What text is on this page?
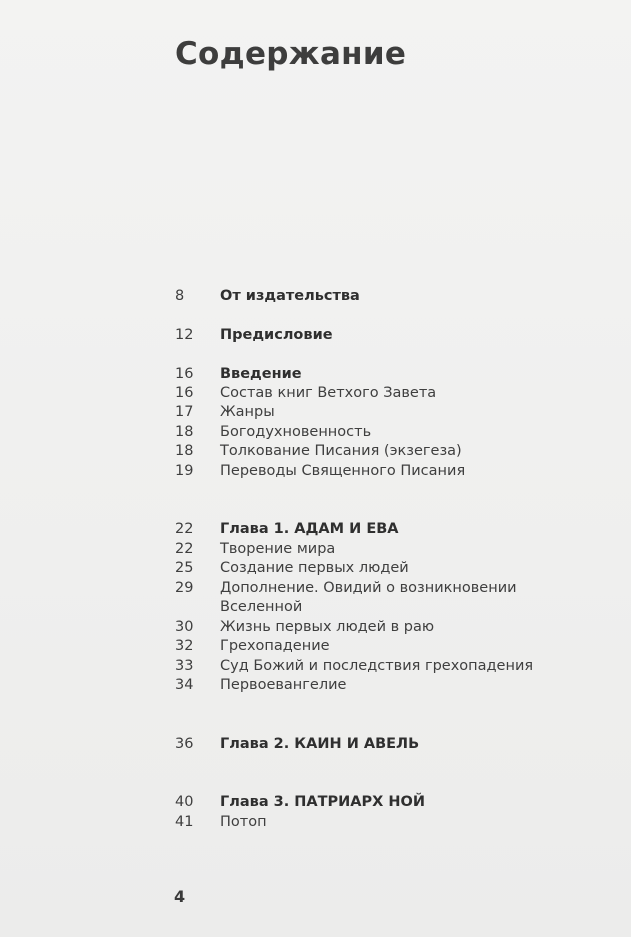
Содержание
8	От издательства
12	Предисловие
16	Введение
16	Состав книг Ветхого Завета
17	Жанры
18	Богодухновенность
18	Толкование Писания (экзегеза)
19	Переводы Священного Писания
22	Глава 1. АДАМ И ЕВА
22	Творение мира
25	Создание первых людей
29	Дополнение. Овидий о возникновении
Вселенной
30	Жизнь первых людей в раю
32	Грехопадение
33	Суд Божий и последствия грехопадения
34	Первоевангелие
36	Глава 2. КАИН И АВЕЛЬ
40	Глава 3. ПАТРИАРХ НОЙ
41	Потоп
4
